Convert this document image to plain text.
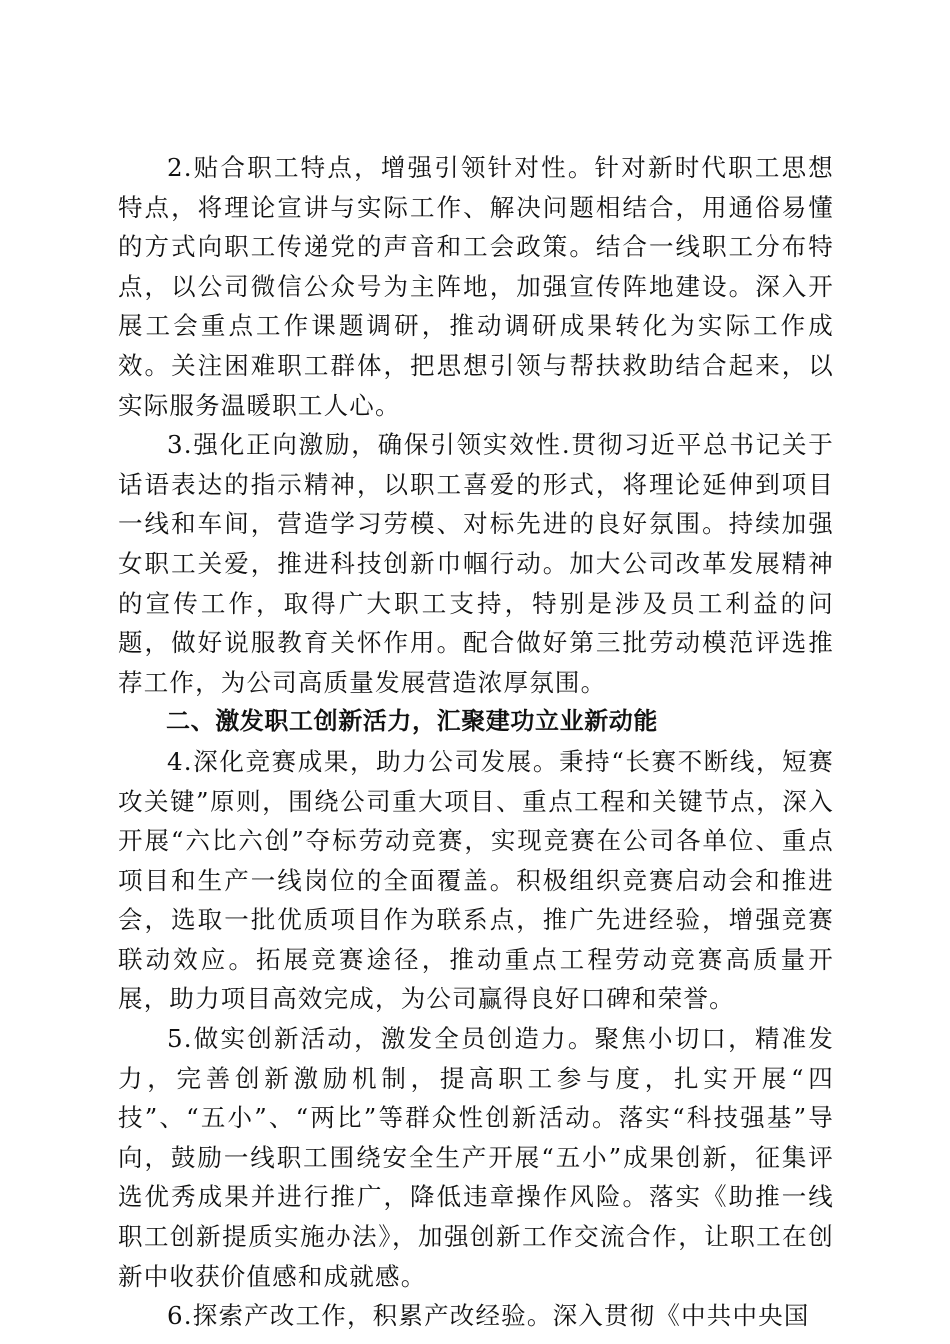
2.贴合职工特点，增强引领针对性。针对新时代职工思想特点，将理论宣讲与实际工作、解决问题相结合，用通俗易懂的方式向职工传递党的声音和工会政策。结合一线职工分布特点，以公司微信公众号为主阵地，加强宣传阵地建设。深入开展工会重点工作课题调研，推动调研成果转化为实际工作成效。关注困难职工群体，把思想引领与帮扶救助结合起来，以实际服务温暖职工人心。

3.强化正向激励，确保引领实效性.贯彻习近平总书记关于话语表达的指示精神，以职工喜爱的形式，将理论延伸到项目一线和车间，营造学习劳模、对标先进的良好氛围。持续加强女职工关爱，推进科技创新巾帼行动。加大公司改革发展精神的宣传工作，取得广大职工支持，特别是涉及员工利益的问题，做好说服教育关怀作用。配合做好第三批劳动模范评选推荐工作，为公司高质量发展营造浓厚氛围。

二、激发职工创新活力，汇聚建功立业新动能

4.深化竞赛成果，助力公司发展。秉持“长赛不断线，短赛攻关键”原则，围绕公司重大项目、重点工程和关键节点，深入开展“六比六创”夺标劳动竞赛，实现竞赛在公司各单位、重点项目和生产一线岗位的全面覆盖。积极组织竞赛启动会和推进会，选取一批优质项目作为联系点，推广先进经验，增强竞赛联动效应。拓展竞赛途径，推动重点工程劳动竞赛高质量开展，助力项目高效完成，为公司赢得良好口碑和荣誉。

5.做实创新活动，激发全员创造力。聚焦小切口，精准发力，完善创新激励机制，提高职工参与度，扎实开展“四技”、“五小”、“两比”等群众性创新活动。落实“科技强基”导向，鼓励一线职工围绕安全生产开展“五小”成果创新，征集评选优秀成果并进行推广，降低违章操作风险。落实《助推一线职工创新提质实施办法》，加强创新工作交流合作，让职工在创新中收获价值感和成就感。

6.探索产改工作，积累产改经验。深入贯彻《中共中央国
